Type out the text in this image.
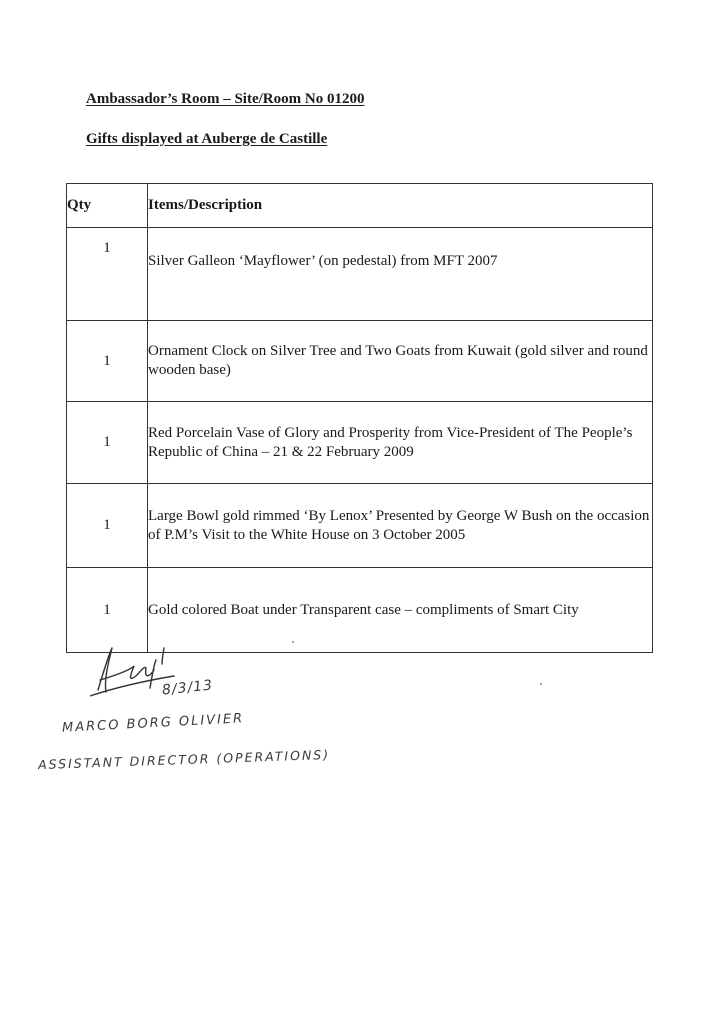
Ambassador’s Room – Site/Room No 01200
Gifts displayed at Auberge de Castille
Qty	Items/Description
1	Silver Galleon ‘Mayflower’ (on pedestal) from MFT 2007
1	Ornament Clock on Silver Tree and Two Goats from Kuwait (gold silver and round wooden base)
1	Red Porcelain Vase of Glory and Prosperity from Vice-President of The People’s Republic of China – 21 & 22 February 2009
1	Large Bowl gold rimmed ‘By Lenox’ Presented by George W Bush on the occasion of P.M’s Visit to the White House on 3 October 2005
1	Gold colored Boat under Transparent case – compliments of Smart City
8/3/13
MARCO BORG OLIVIER
ASSISTANT DIRECTOR (OPERATIONS)
